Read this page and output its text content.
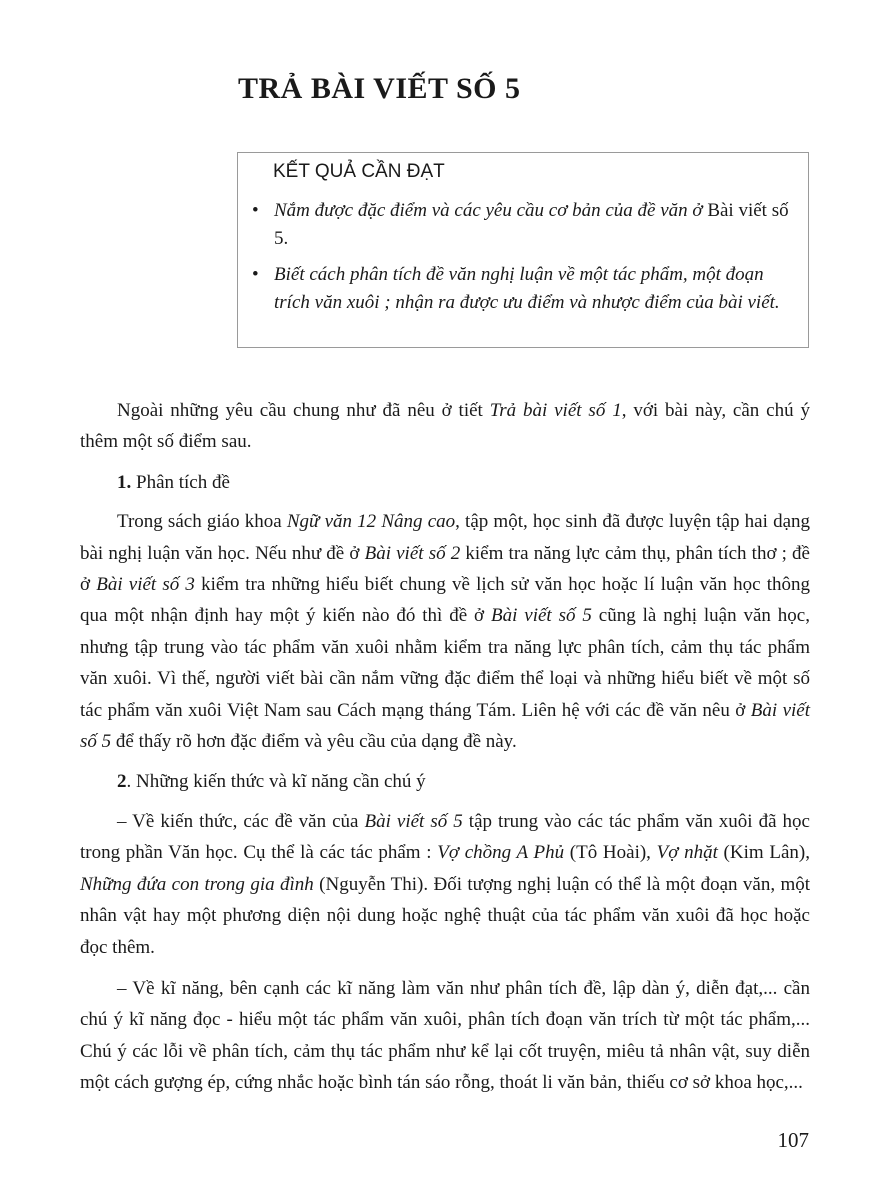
TRẢ BÀI VIẾT SỐ 5
KẾT QUẢ CẦN ĐẠT
• Nắm được đặc điểm và các yêu cầu cơ bản của đề văn ở Bài viết số 5.
• Biết cách phân tích đề văn nghị luận về một tác phẩm, một đoạn trích văn xuôi ; nhận ra được ưu điểm và nhược điểm của bài viết.

Ngoài những yêu cầu chung như đã nêu ở tiết Trả bài viết số 1, với bài này, cần chú ý thêm một số điểm sau.

1. Phân tích đề

Trong sách giáo khoa Ngữ văn 12 Nâng cao, tập một, học sinh đã được luyện tập hai dạng bài nghị luận văn học. Nếu như đề ở Bài viết số 2 kiểm tra năng lực cảm thụ, phân tích thơ ; đề ở Bài viết số 3 kiểm tra những hiểu biết chung về lịch sử văn học hoặc lí luận văn học thông qua một nhận định hay một ý kiến nào đó thì đề ở Bài viết số 5 cũng là nghị luận văn học, nhưng tập trung vào tác phẩm văn xuôi nhằm kiểm tra năng lực phân tích, cảm thụ tác phẩm văn xuôi. Vì thế, người viết bài cần nắm vững đặc điểm thể loại và những hiểu biết về một số tác phẩm văn xuôi Việt Nam sau Cách mạng tháng Tám. Liên hệ với các đề văn nêu ở Bài viết số 5 để thấy rõ hơn đặc điểm và yêu cầu của dạng đề này.

2. Những kiến thức và kĩ năng cần chú ý

– Về kiến thức, các đề văn của Bài viết số 5 tập trung vào các tác phẩm văn xuôi đã học trong phần Văn học. Cụ thể là các tác phẩm : Vợ chồng A Phủ (Tô Hoài), Vợ nhặt (Kim Lân), Những đứa con trong gia đình (Nguyễn Thi). Đối tượng nghị luận có thể là một đoạn văn, một nhân vật hay một phương diện nội dung hoặc nghệ thuật của tác phẩm văn xuôi đã học hoặc đọc thêm.

– Về kĩ năng, bên cạnh các kĩ năng làm văn như phân tích đề, lập dàn ý, diễn đạt,... cần chú ý kĩ năng đọc - hiểu một tác phẩm văn xuôi, phân tích đoạn văn trích từ một tác phẩm,... Chú ý các lỗi về phân tích, cảm thụ tác phẩm như kể lại cốt truyện, miêu tả nhân vật, suy diễn một cách gượng ép, cứng nhắc hoặc bình tán sáo rỗng, thoát li văn bản, thiếu cơ sở khoa học,...

107
